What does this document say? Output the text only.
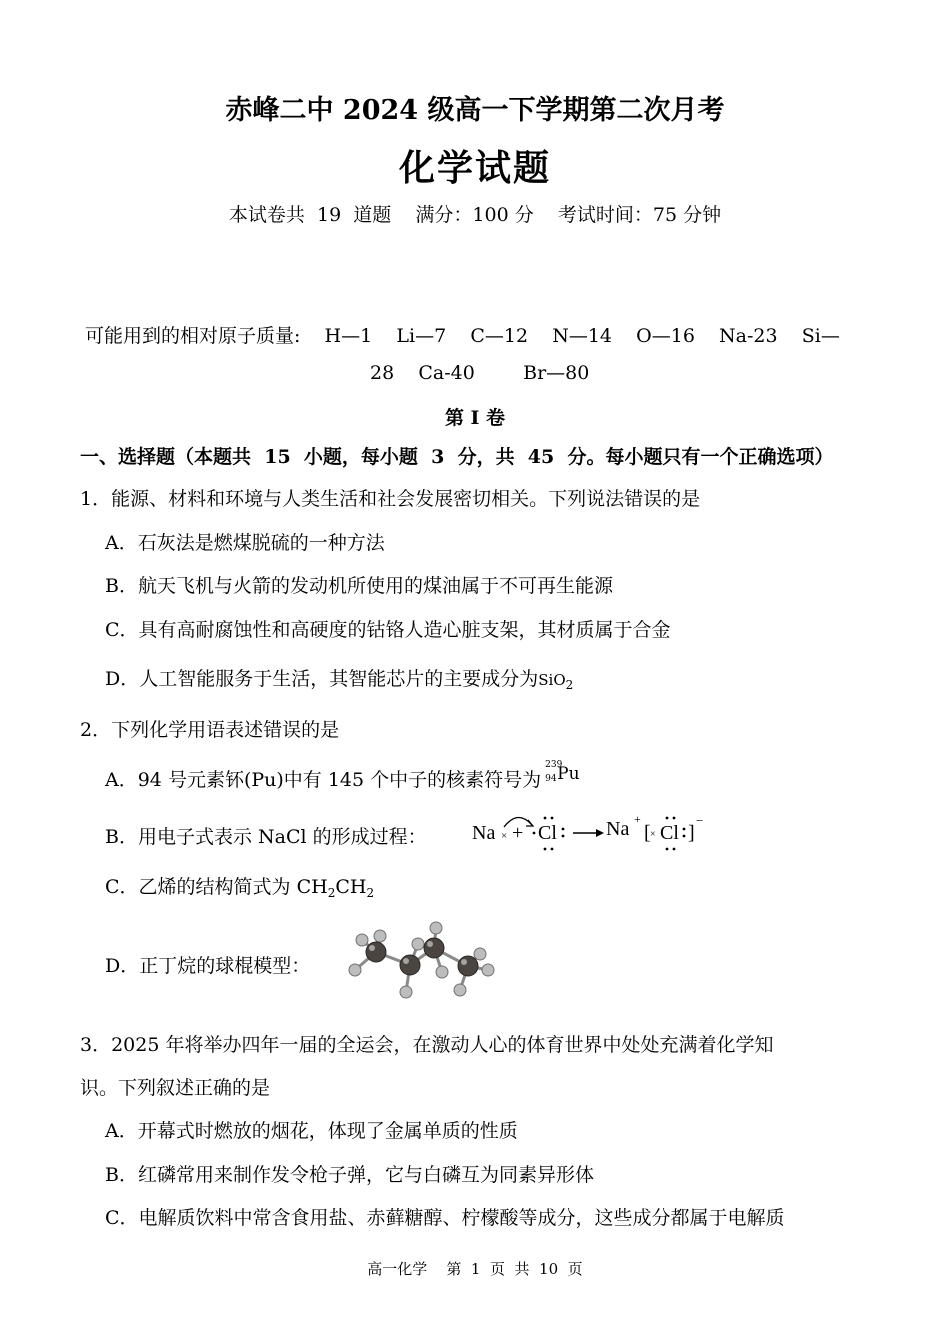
赤峰二中 2024 级高一下学期第二次月考
化学试题
本试卷共  19  道题    满分：100 分    考试时间：75 分钟
可能用到的相对原子质量:    H—1    Li—7    C—12    N—14    O—16    Na-23    Si—
28    Ca-40        Br—80
第 I 卷
一、选择题（本题共  15  小题，每小题  3  分，共  45  分。每小题只有一个正确选项）
1．能源、材料和环境与人类生活和社会发展密切相关。下列说法错误的是
A．石灰法是燃煤脱硫的一种方法
B．航天飞机与火箭的发动机所使用的煤油属于不可再生能源
C．具有高耐腐蚀性和高硬度的钴铬人造心脏支架，其材质属于合金
D．人工智能服务于生活，其智能芯片的主要成分为SiO$_2$
2．下列化学用语表述错误的是
A．94 号元素钚(Pu)中有 145 个中子的核素符号为
239
94 Pu
B．用电子式表示 NaCl 的形成过程： Na × + Cl Na +
[ × Cl ]
−
C．乙烯的结构简式为 $CH_2CH_2$
D．正丁烷的球棍模型：
3．2025 年将举办四年一届的全运会，在激动人心的体育世界中处处充满着化学知
识。下列叙述正确的是
A．开幕式时燃放的烟花，体现了金属单质的性质
B．红磷常用来制作发令枪子弹，它与白磷互为同素异形体
C．电解质饮料中常含食用盐、赤藓糖醇、柠檬酸等成分，这些成分都属于电解质
高一化学    第  1  页  共  10  页
